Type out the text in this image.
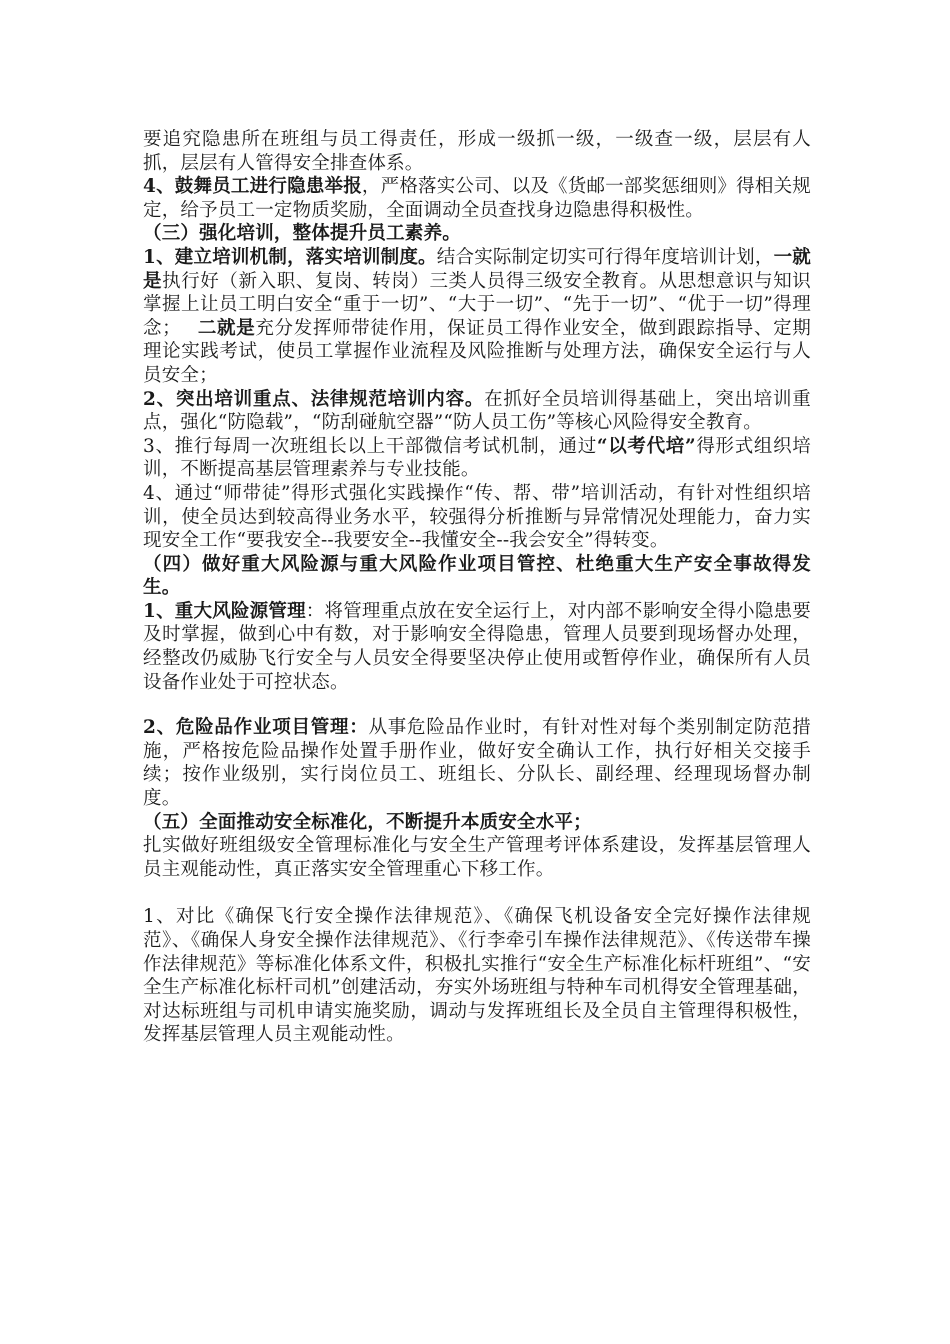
要追究隐患所在班组与员工得责任，形成一级抓一级，一级查一级，层层有人抓，层层有人管得安全排查体系。

4、鼓舞员工进行隐患举报，严格落实公司、以及《货邮一部奖惩细则》得相关规定，给予员工一定物质奖励，全面调动全员查找身边隐患得积极性。

（三）强化培训，整体提升员工素养。

1、建立培训机制，落实培训制度。结合实际制定切实可行得年度培训计划，一就是执行好（新入职、复岗、转岗）三类人员得三级安全教育。从思想意识与知识掌握上让员工明白安全“重于一切”、“大于一切”、“先于一切”、“优于一切”得理念；　 二就是充分发挥师带徒作用，保证员工得作业安全，做到跟踪指导、定期理论实践考试，使员工掌握作业流程及风险推断与处理方法，确保安全运行与人员安全；

2、突出培训重点、法律规范培训内容。在抓好全员培训得基础上，突出培训重点，强化“防隐载”，“防刮碰航空器”“防人员工伤”等核心风险得安全教育。

3、推行每周一次班组长以上干部微信考试机制，通过“以考代培”得形式组织培训，不断提高基层管理素养与专业技能。

4、通过“师带徒”得形式强化实践操作“传、帮、带”培训活动，有针对性组织培训，使全员达到较高得业务水平，较强得分析推断与异常情况处理能力，奋力实现安全工作“要我安全--我要安全--我懂安全--我会安全”得转变。

（四）做好重大风险源与重大风险作业项目管控、杜绝重大生产安全事故得发生。

1、重大风险源管理：将管理重点放在安全运行上，对内部不影响安全得小隐患要及时掌握，做到心中有数，对于影响安全得隐患，管理人员要到现场督办处理，经整改仍威胁飞行安全与人员安全得要坚决停止使用或暂停作业，确保所有人员设备作业处于可控状态。

2、危险品作业项目管理：从事危险品作业时，有针对性对每个类别制定防范措施，严格按危险品操作处置手册作业，做好安全确认工作，执行好相关交接手续；按作业级别，实行岗位员工、班组长、分队长、副经理、经理现场督办制度。

（五）全面推动安全标准化，不断提升本质安全水平；

扎实做好班组级安全管理标准化与安全生产管理考评体系建设，发挥基层管理人员主观能动性，真正落实安全管理重心下移工作。

1、对比《确保飞行安全操作法律规范》、《确保飞机设备安全完好操作法律规范》、《确保人身安全操作法律规范》、《行李牵引车操作法律规范》、《传送带车操作法律规范》等标准化体系文件，积极扎实推行“安全生产标准化标杆班组”、“安全生产标准化标杆司机”创建活动，夯实外场班组与特种车司机得安全管理基础，对达标班组与司机申请实施奖励，调动与发挥班组长及全员自主管理得积极性，发挥基层管理人员主观能动性。
